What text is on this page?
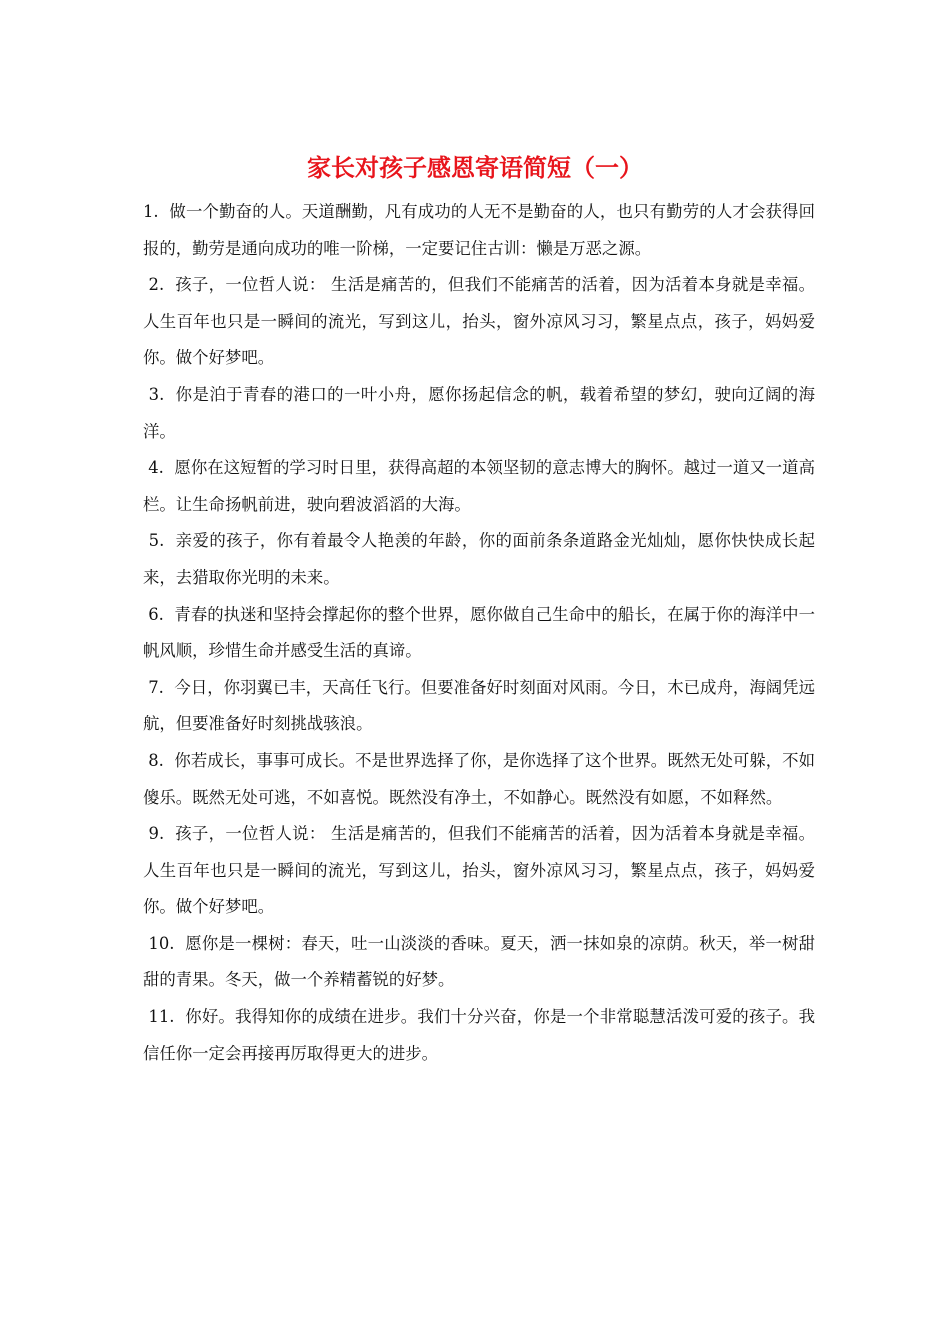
家长对孩子感恩寄语简短（一）

1. 做一个勤奋的人。天道酬勤，凡有成功的人无不是勤奋的人，也只有勤劳的人才会获得回报的，勤劳是通向成功的唯一阶梯，一定要记住古训：懒是万恶之源。

2. 孩子，一位哲人说： 生活是痛苦的，但我们不能痛苦的活着，因为活着本身就是幸福。 人生百年也只是一瞬间的流光，写到这儿，抬头，窗外凉风习习，繁星点点，孩子，妈妈爱你。做个好梦吧。

3. 你是泊于青春的港口的一叶小舟，愿你扬起信念的帆，载着希望的梦幻，驶向辽阔的海洋。

4. 愿你在这短暂的学习时日里，获得高超的本领坚韧的意志博大的胸怀。越过一道又一道高栏。让生命扬帆前进，驶向碧波滔滔的大海。

5. 亲爱的孩子，你有着最令人艳羡的年龄，你的面前条条道路金光灿灿，愿你快快成长起来，去猎取你光明的未来。

6. 青春的执迷和坚持会撑起你的整个世界，愿你做自己生命中的船长，在属于你的海洋中一帆风顺，珍惜生命并感受生活的真谛。

7. 今日，你羽翼已丰，天高任飞行。但要准备好时刻面对风雨。今日，木已成舟，海阔凭远航，但要准备好时刻挑战骇浪。

8. 你若成长，事事可成长。不是世界选择了你，是你选择了这个世界。既然无处可躲，不如傻乐。既然无处可逃，不如喜悦。既然没有净土，不如静心。既然没有如愿，不如释然。

9. 孩子，一位哲人说： 生活是痛苦的，但我们不能痛苦的活着，因为活着本身就是幸福。 人生百年也只是一瞬间的流光，写到这儿，抬头，窗外凉风习习，繁星点点，孩子，妈妈爱你。做个好梦吧。

10. 愿你是一棵树：春天，吐一山淡淡的香味。夏天，洒一抹如泉的凉荫。秋天，举一树甜甜的青果。冬天，做一个养精蓄锐的好梦。

11. 你好。我得知你的成绩在进步。我们十分兴奋，你是一个非常聪慧活泼可爱的孩子。我信任你一定会再接再厉取得更大的进步。
